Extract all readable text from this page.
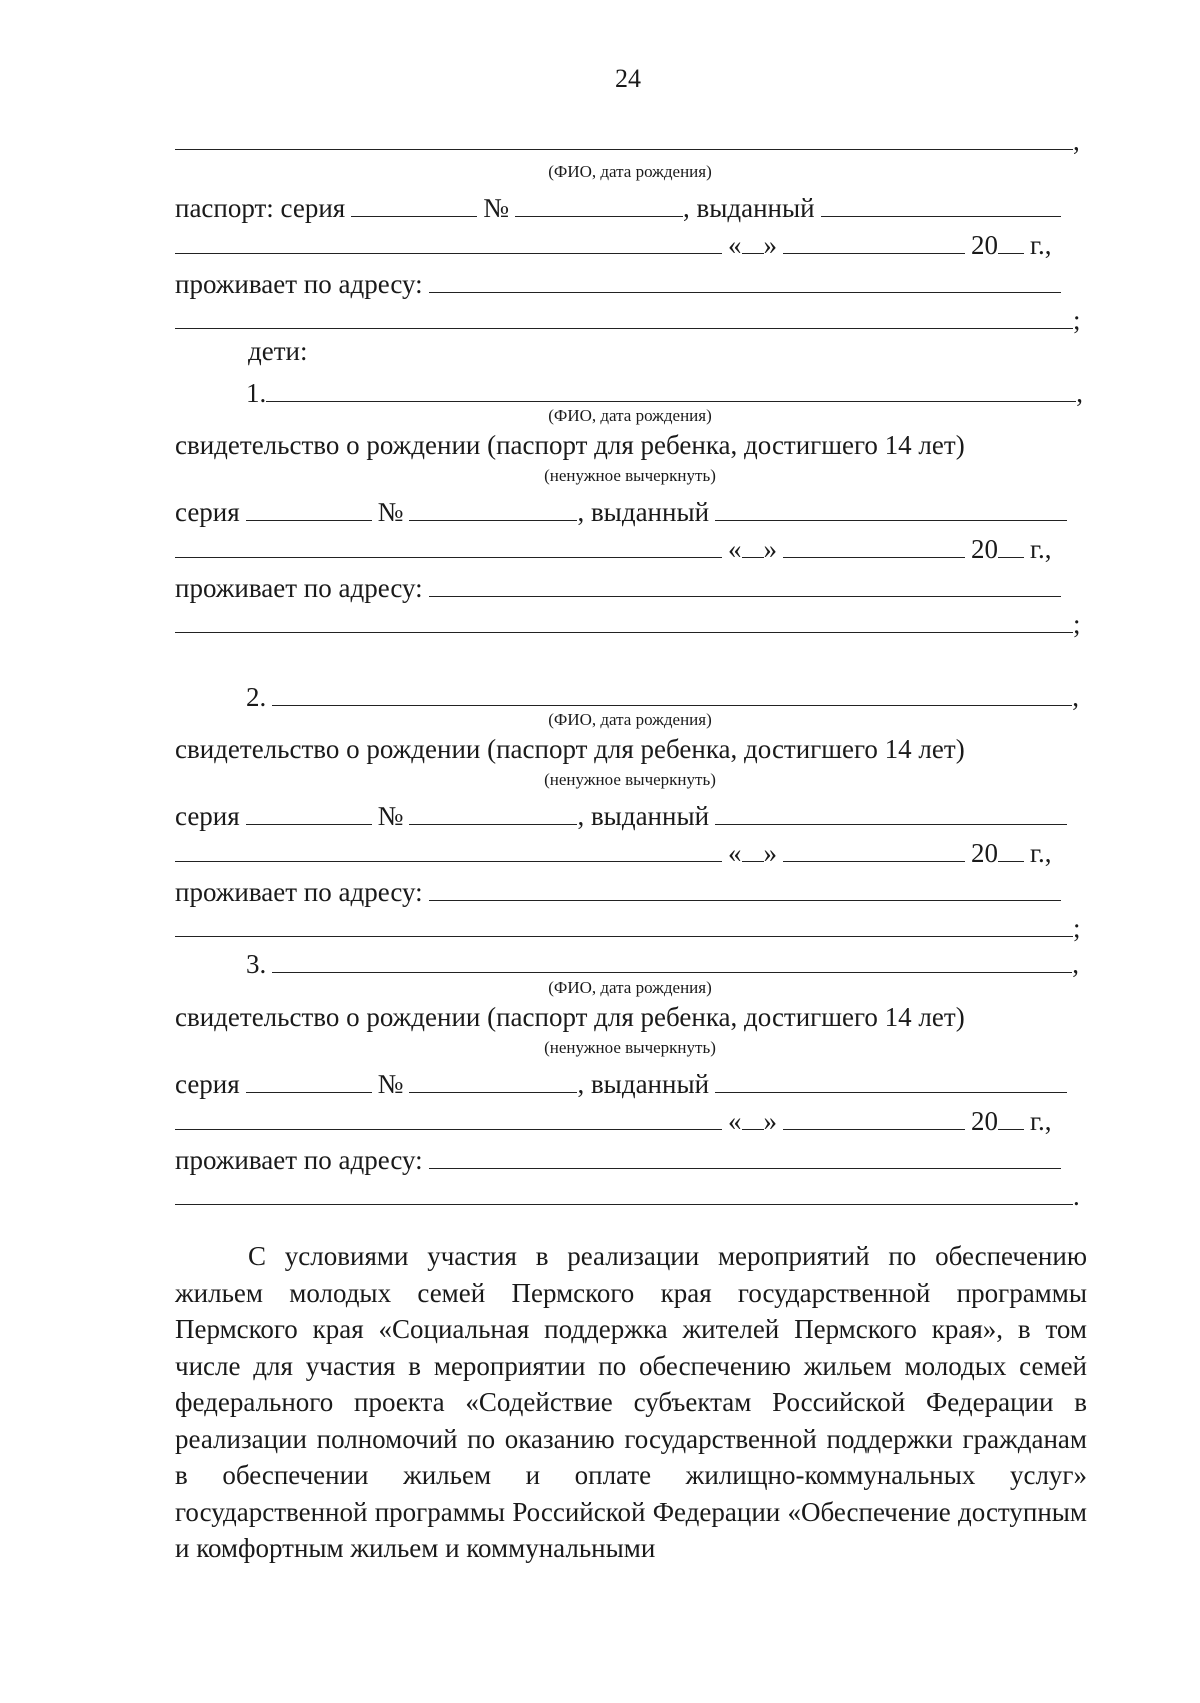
24
,
(ФИО, дата рождения)
паспорт: серия	№	, выданный
« »	20 г.,
проживает по адресу:
;
дети:
1.	,
(ФИО, дата рождения)
свидетельство о рождении (паспорт для ребенка, достигшего 14 лет)
(ненужное вычеркнуть)
серия	№	, выданный
« »	20 г.,
проживает по адресу:
;
2.	,
(ФИО, дата рождения)
свидетельство о рождении (паспорт для ребенка, достигшего 14 лет)
(ненужное вычеркнуть)
серия	№	, выданный
« »	20 г.,
проживает по адресу:
;
3.	,
(ФИО, дата рождения)
свидетельство о рождении (паспорт для ребенка, достигшего 14 лет)
(ненужное вычеркнуть)
серия	№	, выданный
« »	20 г.,
проживает по адресу:
.
С условиями участия в реализации мероприятий по обеспечению жильем молодых семей Пермского края государственной программы Пермского края «Социальная поддержка жителей Пермского края», в том числе для участия в мероприятии по обеспечению жильем молодых семей федерального проекта «Содействие субъектам Российской Федерации в реализации полномочий по оказанию государственной поддержки гражданам в обеспечении жильем и оплате жилищно-коммунальных услуг» государственной программы Российской Федерации «Обеспечение доступным и комфортным жильем и коммунальными
